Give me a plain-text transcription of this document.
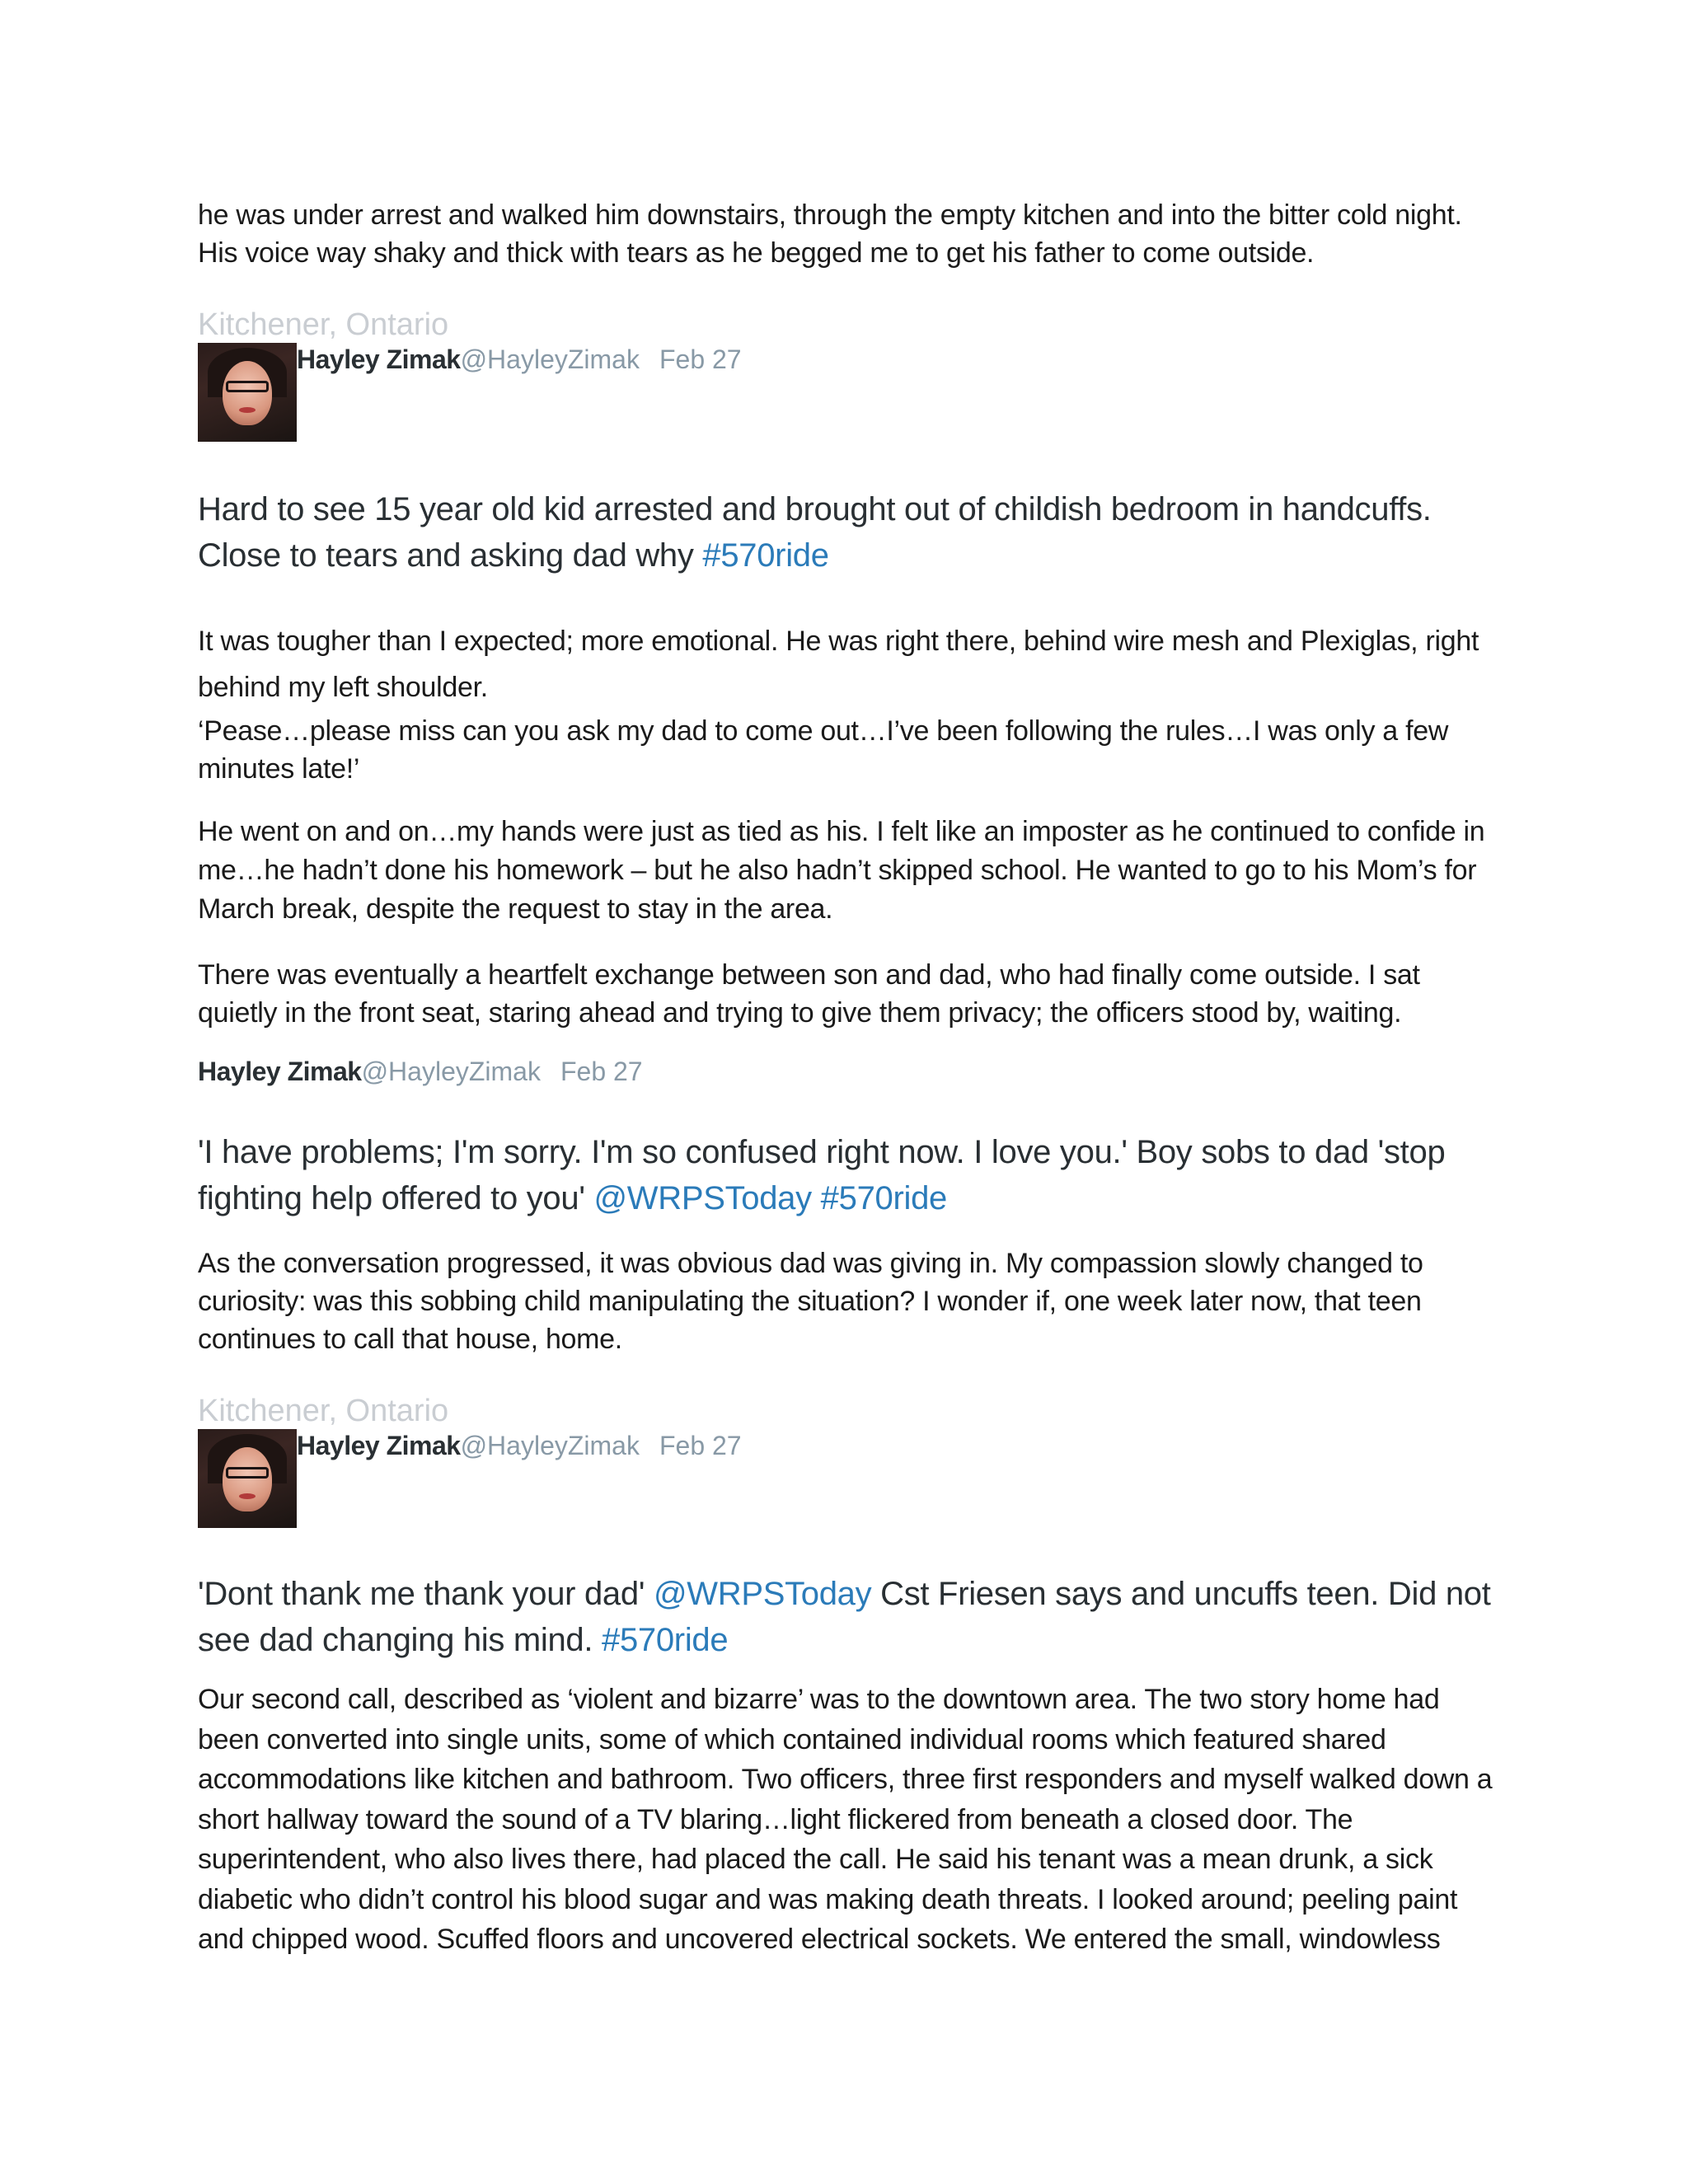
he was under arrest and walked him downstairs, through the empty kitchen and into the bitter cold night. His voice way shaky and thick with tears as he begged me to get his father to come outside.

Kitchener, Ontario
Hayley Zimak@HayleyZimak Feb 27

Hard to see 15 year old kid arrested and brought out of childish bedroom in handcuffs. Close to tears and asking dad why #570ride

It was tougher than I expected; more emotional. He was right there, behind wire mesh and Plexiglas, right behind my left shoulder.

‘Pease…please miss can you ask my dad to come out…I’ve been following the rules…I was only a few minutes late!’

He went on and on…my hands were just as tied as his. I felt like an imposter as he continued to confide in me…he hadn’t done his homework – but he also hadn’t skipped school. He wanted to go to his Mom’s for March break, despite the request to stay in the area.

There was eventually a heartfelt exchange between son and dad, who had finally come outside. I sat quietly in the front seat, staring ahead and trying to give them privacy; the officers stood by, waiting.

Hayley Zimak@HayleyZimak Feb 27

'I have problems; I'm sorry. I'm so confused right now. I love you.' Boy sobs to dad 'stop fighting help offered to you' @WRPSToday #570ride

As the conversation progressed, it was obvious dad was giving in. My compassion slowly changed to curiosity: was this sobbing child manipulating the situation? I wonder if, one week later now, that teen continues to call that house, home.

Kitchener, Ontario
Hayley Zimak@HayleyZimak Feb 27

'Dont thank me thank your dad' @WRPSToday Cst Friesen says and uncuffs teen. Did not see dad changing his mind. #570ride

Our second call, described as ‘violent and bizarre’ was to the downtown area. The two story home had been converted into single units, some of which contained individual rooms which featured shared accommodations like kitchen and bathroom. Two officers, three first responders and myself walked down a short hallway toward the sound of a TV blaring…light flickered from beneath a closed door. The superintendent, who also lives there, had placed the call. He said his tenant was a mean drunk, a sick diabetic who didn’t control his blood sugar and was making death threats. I looked around; peeling paint and chipped wood. Scuffed floors and uncovered electrical sockets. We entered the small, windowless
